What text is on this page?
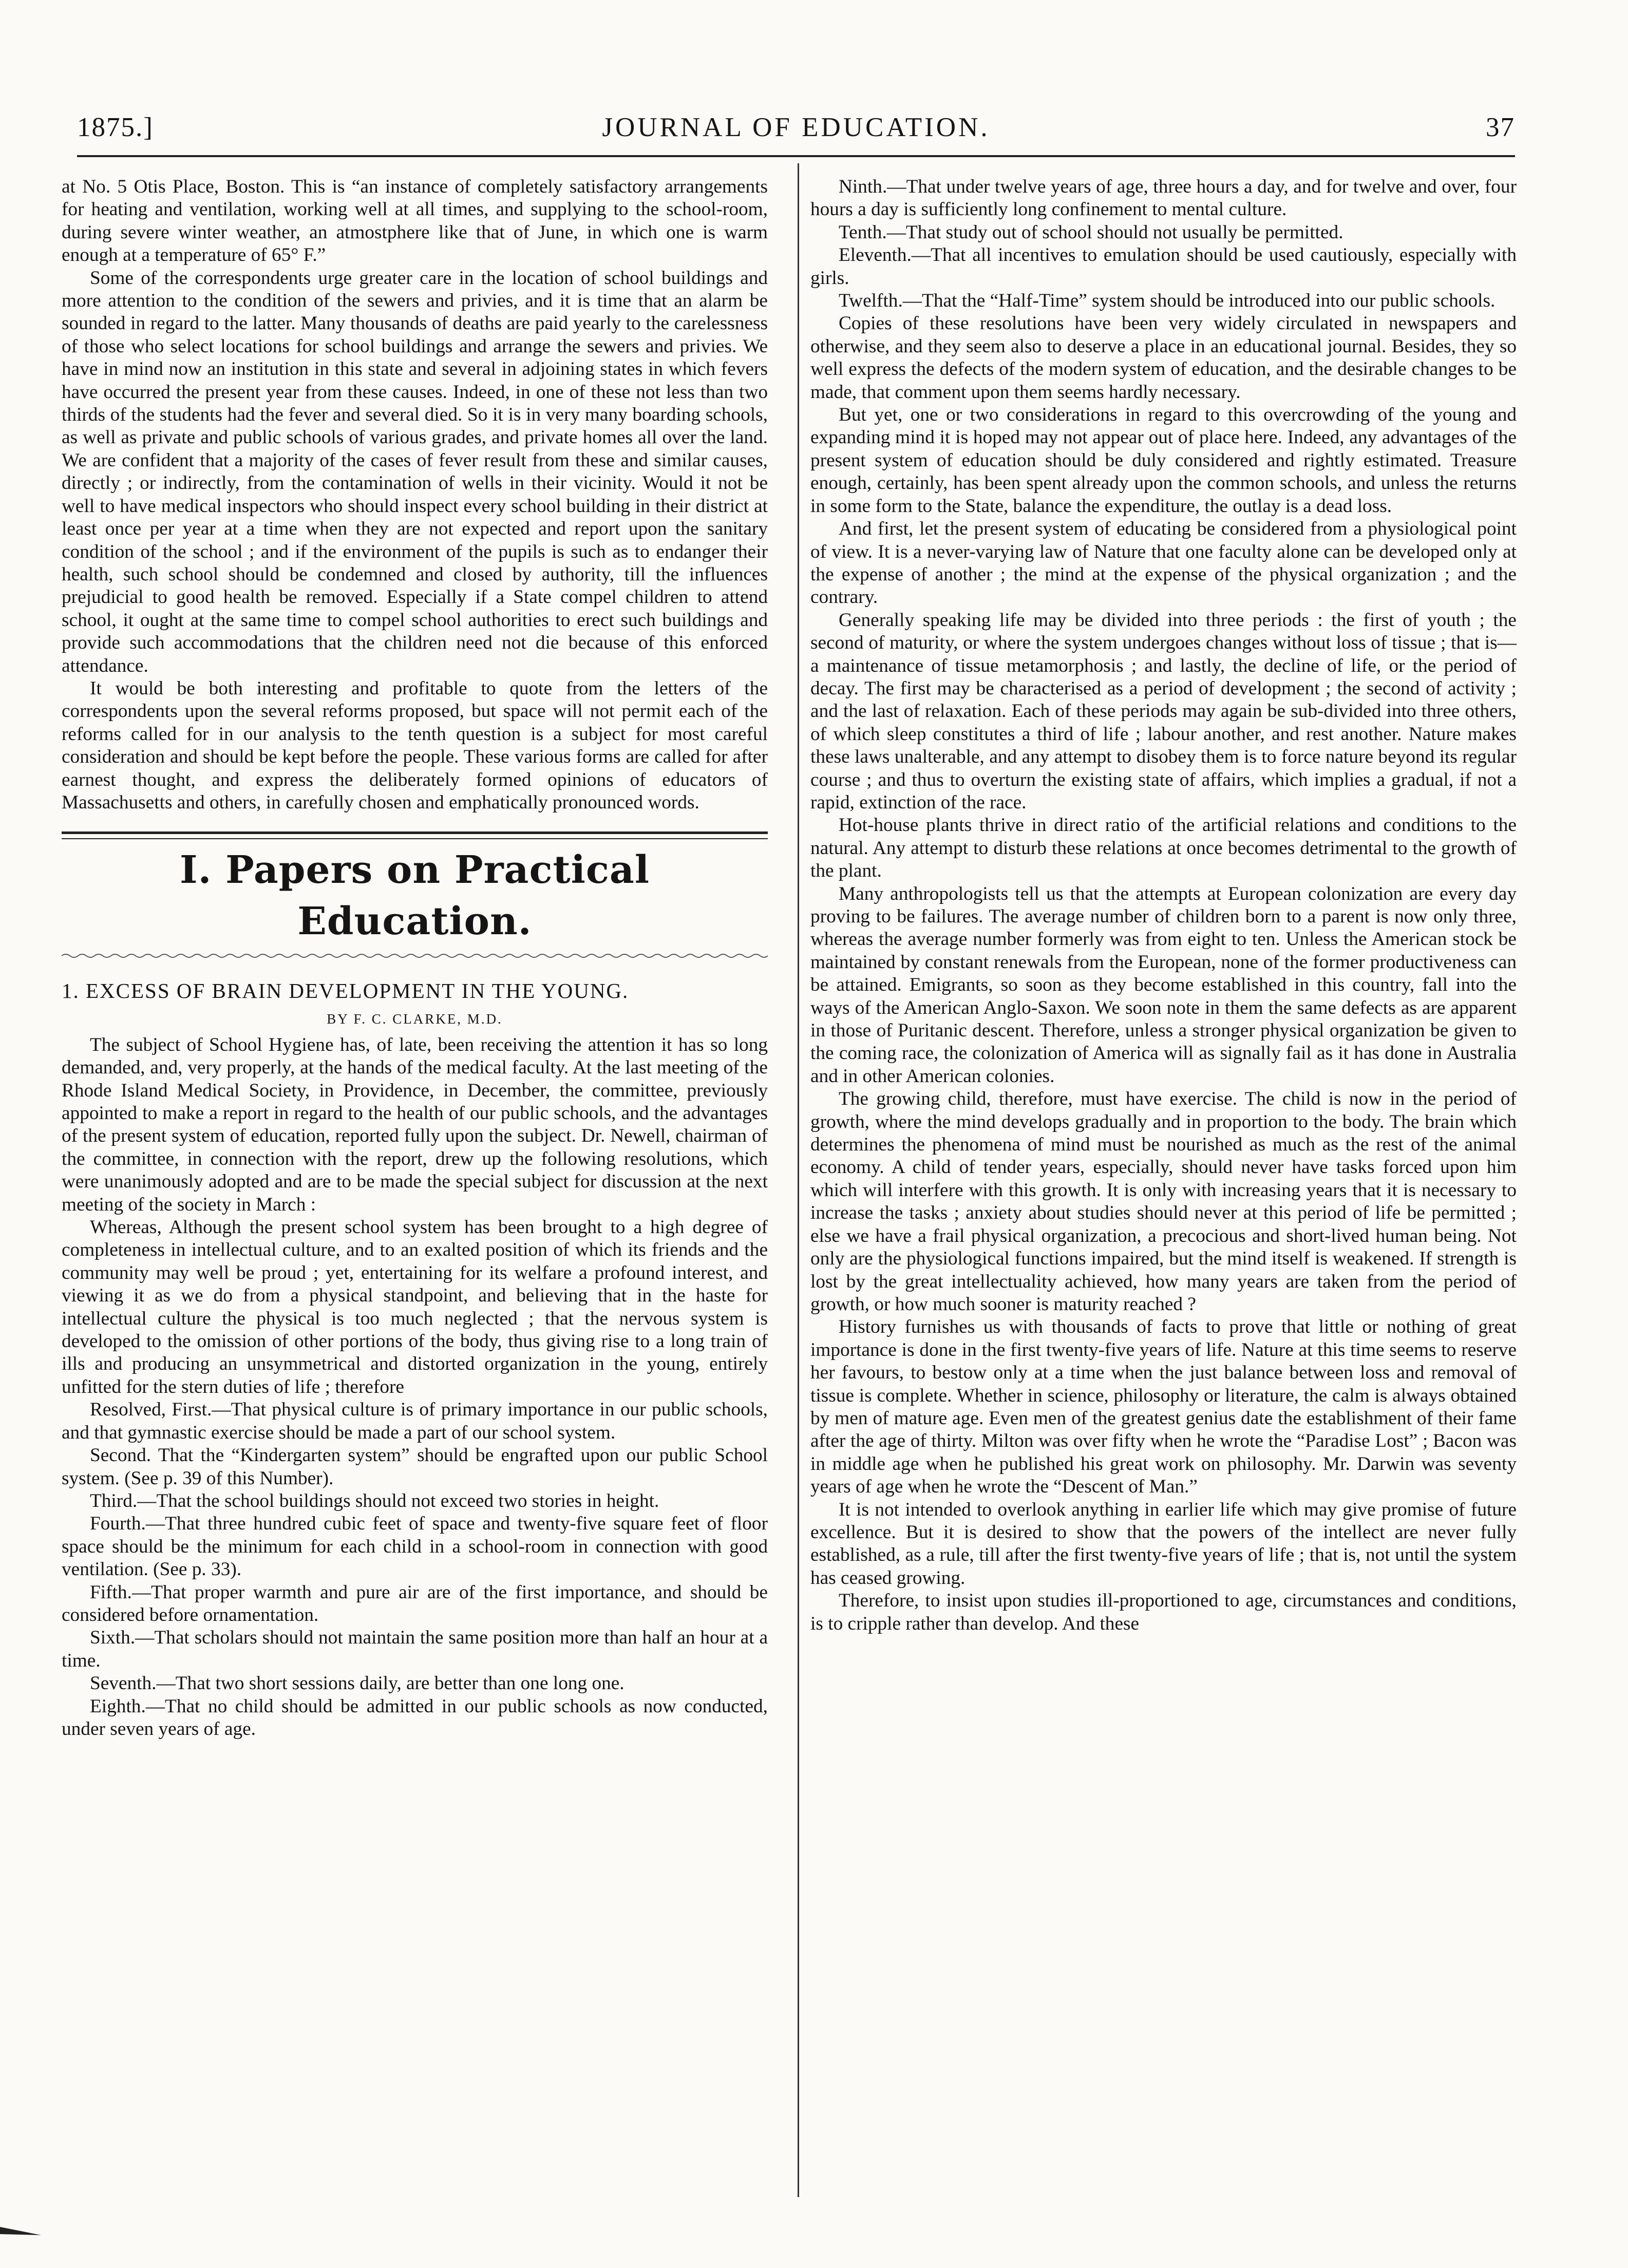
1875.]	JOURNAL OF EDUCATION.	37

at No. 5 Otis Place, Boston. This is “an instance of completely satisfactory arrangements for heating and ventilation, working well at all times, and supplying to the school-room, during severe winter weather, an atmostphere like that of June, in which one is warm enough at a temperature of 65° F.”

Some of the correspondents urge greater care in the location of school buildings and more attention to the condition of the sewers and privies, and it is time that an alarm be sounded in regard to the latter. Many thousands of deaths are paid yearly to the carelessness of those who select locations for school buildings and arrange the sewers and privies. We have in mind now an institution in this state and several in adjoining states in which fevers have occurred the present year from these causes. Indeed, in one of these not less than two thirds of the students had the fever and several died. So it is in very many boarding schools, as well as private and public schools of various grades, and private homes all over the land. We are confident that a majority of the cases of fever result from these and similar causes, directly ; or indirectly, from the contamination of wells in their vicinity. Would it not be well to have medical inspectors who should inspect every school building in their district at least once per year at a time when they are not expected and report upon the sanitary condition of the school ; and if the environment of the pupils is such as to endanger their health, such school should be condemned and closed by authority, till the influences prejudicial to good health be removed. Especially if a State compel children to attend school, it ought at the same time to compel school authorities to erect such buildings and provide such accommodations that the children need not die because of this enforced attendance.

It would be both interesting and profitable to quote from the letters of the correspondents upon the several reforms proposed, but space will not permit each of the reforms called for in our analysis to the tenth question is a subject for most careful consideration and should be kept before the people. These various forms are called for after earnest thought, and express the deliberately formed opinions of educators of Massachusetts and others, in carefully chosen and emphatically pronounced words.

I. Papers on Practical Education.
1. EXCESS OF BRAIN DEVELOPMENT IN THE YOUNG.
BY F. C. CLARKE, M.D.

The subject of School Hygiene has, of late, been receiving the attention it has so long demanded, and, very properly, at the hands of the medical faculty. At the last meeting of the Rhode Island Medical Society, in Providence, in December, the committee, previously appointed to make a report in regard to the health of our public schools, and the advantages of the present system of education, reported fully upon the subject. Dr. Newell, chairman of the committee, in connection with the report, drew up the following resolutions, which were unanimously adopted and are to be made the special subject for discussion at the next meeting of the society in March :

Whereas, Although the present school system has been brought to a high degree of completeness in intellectual culture, and to an exalted position of which its friends and the community may well be proud ; yet, entertaining for its welfare a profound interest, and viewing it as we do from a physical standpoint, and believing that in the haste for intellectual culture the physical is too much neglected ; that the nervous system is developed to the omission of other portions of the body, thus giving rise to a long train of ills and producing an unsymmetrical and distorted organization in the young, entirely unfitted for the stern duties of life ; therefore

Resolved, First.—That physical culture is of primary importance in our public schools, and that gymnastic exercise should be made a part of our school system.

Second. That the “Kindergarten system” should be engrafted upon our public School system. (See p. 39 of this Number).

Third.—That the school buildings should not exceed two stories in height.

Fourth.—That three hundred cubic feet of space and twenty-five square feet of floor space should be the minimum for each child in a school-room in connection with good ventilation. (See p. 33).

Fifth.—That proper warmth and pure air are of the first importance, and should be considered before ornamentation.

Sixth.—That scholars should not maintain the same position more than half an hour at a time.

Seventh.—That two short sessions daily, are better than one long one.

Eighth.—That no child should be admitted in our public schools as now conducted, under seven years of age.

Ninth.—That under twelve years of age, three hours a day, and for twelve and over, four hours a day is sufficiently long confinement to mental culture.

Tenth.—That study out of school should not usually be permitted.

Eleventh.—That all incentives to emulation should be used cautiously, especially with girls.

Twelfth.—That the “Half-Time” system should be introduced into our public schools.

Copies of these resolutions have been very widely circulated in newspapers and otherwise, and they seem also to deserve a place in an educational journal. Besides, they so well express the defects of the modern system of education, and the desirable changes to be made, that comment upon them seems hardly necessary.

But yet, one or two considerations in regard to this overcrowding of the young and expanding mind it is hoped may not appear out of place here. Indeed, any advantages of the present system of education should be duly considered and rightly estimated. Treasure enough, certainly, has been spent already upon the common schools, and unless the returns in some form to the State, balance the expenditure, the outlay is a dead loss.

And first, let the present system of educating be considered from a physiological point of view. It is a never-varying law of Nature that one faculty alone can be developed only at the expense of another ; the mind at the expense of the physical organization ; and the contrary.

Generally speaking life may be divided into three periods : the first of youth ; the second of maturity, or where the system undergoes changes without loss of tissue ; that is—a maintenance of tissue metamorphosis ; and lastly, the decline of life, or the period of decay. The first may be characterised as a period of development ; the second of activity ; and the last of relaxation. Each of these periods may again be sub-divided into three others, of which sleep constitutes a third of life ; labour another, and rest another. Nature makes these laws unalterable, and any attempt to disobey them is to force nature beyond its regular course ; and thus to overturn the existing state of affairs, which implies a gradual, if not a rapid, extinction of the race.

Hot-house plants thrive in direct ratio of the artificial relations and conditions to the natural. Any attempt to disturb these relations at once becomes detrimental to the growth of the plant.

Many anthropologists tell us that the attempts at European colonization are every day proving to be failures. The average number of children born to a parent is now only three, whereas the average number formerly was from eight to ten. Unless the American stock be maintained by constant renewals from the European, none of the former productiveness can be attained. Emigrants, so soon as they become established in this country, fall into the ways of the American Anglo-Saxon. We soon note in them the same defects as are apparent in those of Puritanic descent. Therefore, unless a stronger physical organization be given to the coming race, the colonization of America will as signally fail as it has done in Australia and in other American colonies.

The growing child, therefore, must have exercise. The child is now in the period of growth, where the mind develops gradually and in proportion to the body. The brain which determines the phenomena of mind must be nourished as much as the rest of the animal economy. A child of tender years, especially, should never have tasks forced upon him which will interfere with this growth. It is only with increasing years that it is necessary to increase the tasks ; anxiety about studies should never at this period of life be permitted ; else we have a frail physical organization, a precocious and short-lived human being. Not only are the physiological functions impaired, but the mind itself is weakened. If strength is lost by the great intellectuality achieved, how many years are taken from the period of growth, or how much sooner is maturity reached ?

History furnishes us with thousands of facts to prove that little or nothing of great importance is done in the first twenty-five years of life. Nature at this time seems to reserve her favours, to bestow only at a time when the just balance between loss and removal of tissue is complete. Whether in science, philosophy or literature, the calm is always obtained by men of mature age. Even men of the greatest genius date the establishment of their fame after the age of thirty. Milton was over fifty when he wrote the “Paradise Lost” ; Bacon was in middle age when he published his great work on philosophy. Mr. Darwin was seventy years of age when he wrote the “Descent of Man.”

It is not intended to overlook anything in earlier life which may give promise of future excellence. But it is desired to show that the powers of the intellect are never fully established, as a rule, till after the first twenty-five years of life ; that is, not until the system has ceased growing.

Therefore, to insist upon studies ill-proportioned to age, circumstances and conditions, is to cripple rather than develop. And these
